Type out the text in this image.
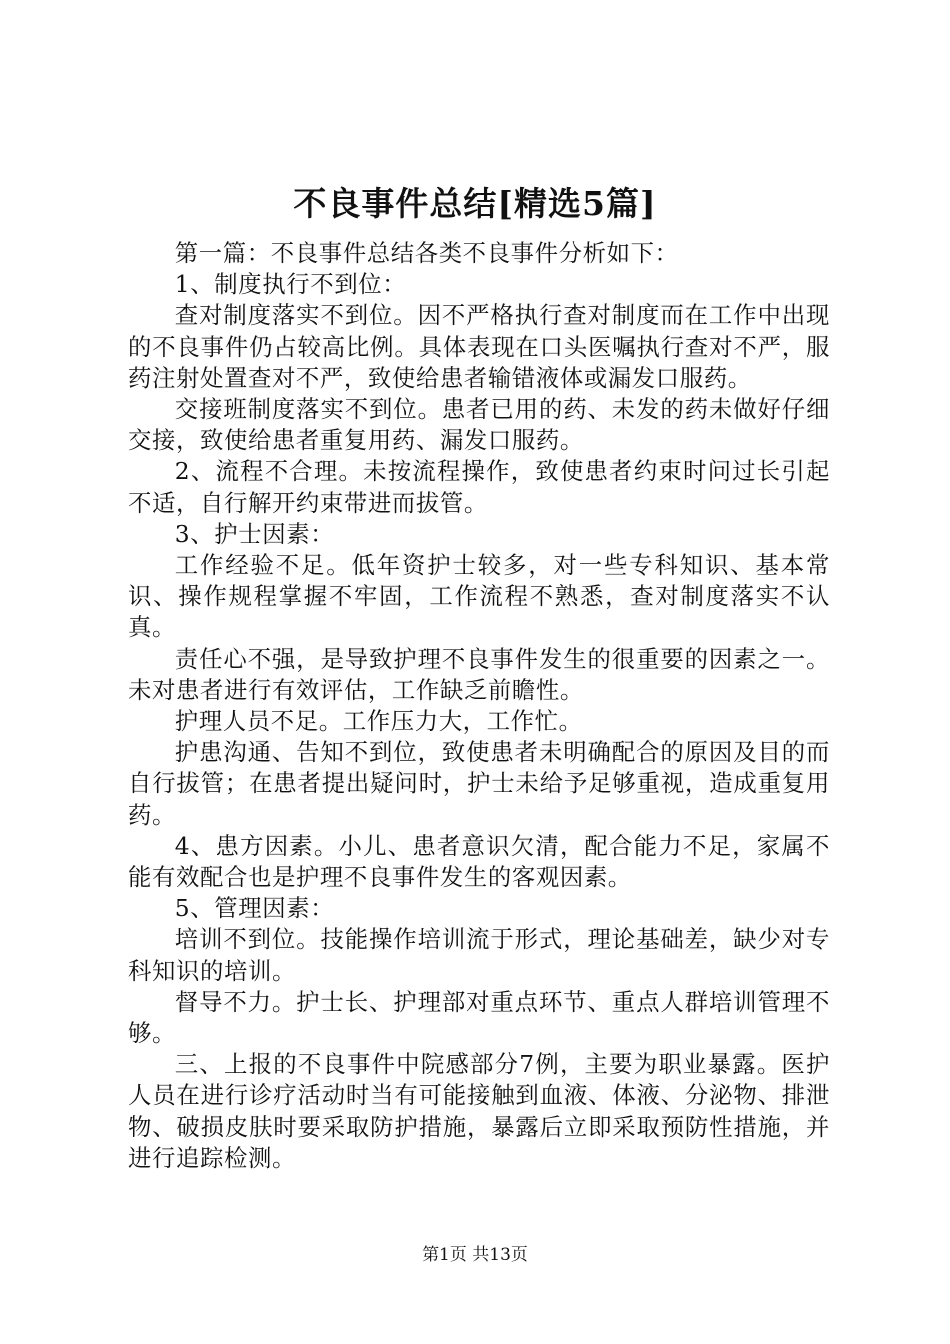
不良事件总结[精选5篇]

第一篇：不良事件总结各类不良事件分析如下：

1、制度执行不到位：

查对制度落实不到位。因不严格执行查对制度而在工作中出现的不良事件仍占较高比例。具体表现在口头医嘱执行查对不严，服药注射处置查对不严，致使给患者输错液体或漏发口服药。

交接班制度落实不到位。患者已用的药、未发的药未做好仔细交接，致使给患者重复用药、漏发口服药。

2、流程不合理。未按流程操作，致使患者约束时问过长引起不适，自行解开约束带进而拔管。

3、护士因素：

工作经验不足。低年资护士较多，对一些专科知识、基本常识、操作规程掌握不牢固，工作流程不熟悉，查对制度落实不认真。

责任心不强，是导致护理不良事件发生的很重要的因素之一。未对患者进行有效评估，工作缺乏前瞻性。

护理人员不足。工作压力大，工作忙。

护患沟通、告知不到位，致使患者未明确配合的原因及目的而自行拔管；在患者提出疑问时，护士未给予足够重视，造成重复用药。

4、患方因素。小儿、患者意识欠清，配合能力不足，家属不能有效配合也是护理不良事件发生的客观因素。

5、管理因素：

培训不到位。技能操作培训流于形式，理论基础差，缺少对专科知识的培训。

督导不力。护士长、护理部对重点环节、重点人群培训管理不够。

三、上报的不良事件中院感部分7例，主要为职业暴露。医护人员在进行诊疗活动时当有可能接触到血液、体液、分泌物、排泄物、破损皮肤时要采取防护措施，暴露后立即采取预防性措施，并进行追踪检测。

第1页 共13页
